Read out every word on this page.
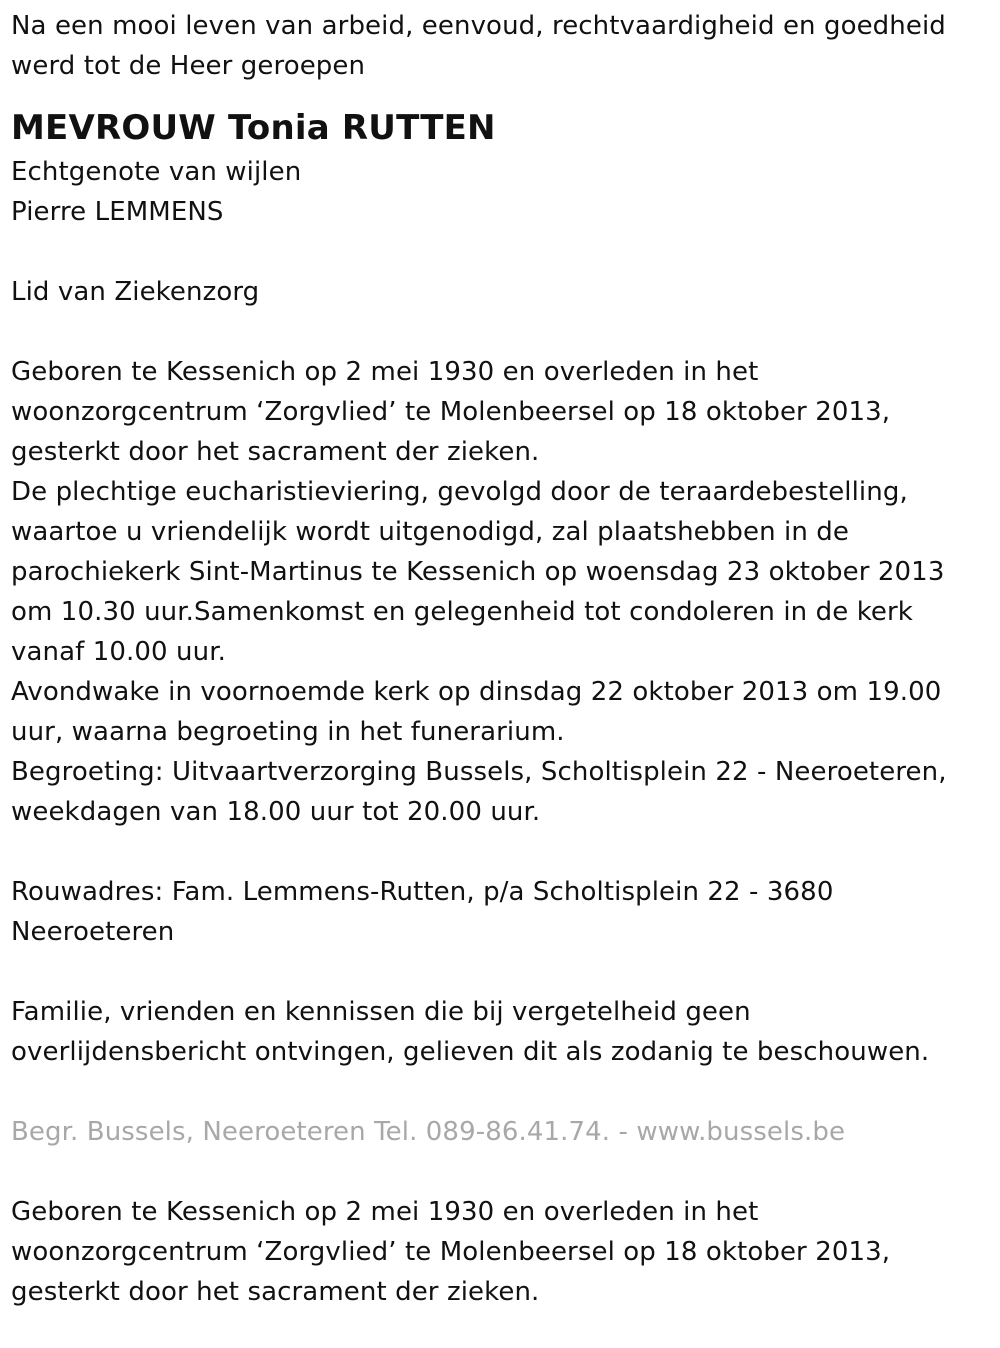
Na een mooi leven van arbeid, eenvoud, rechtvaardigheid en goedheid
werd tot de Heer geroepen
MEVROUW Tonia RUTTEN
Echtgenote van wijlen
Pierre LEMMENS
Lid van Ziekenzorg
Geboren te Kessenich op 2 mei 1930 en overleden in het
woonzorgcentrum ‘Zorgvlied’ te Molenbeersel op 18 oktober 2013,
gesterkt door het sacrament der zieken.
De plechtige eucharistieviering, gevolgd door de teraardebestelling,
waartoe u vriendelijk wordt uitgenodigd, zal plaatshebben in de
parochiekerk Sint-Martinus te Kessenich op woensdag 23 oktober 2013
om 10.30 uur.Samenkomst en gelegenheid tot condoleren in de kerk
vanaf 10.00 uur.
Avondwake in voornoemde kerk op dinsdag 22 oktober 2013 om 19.00
uur, waarna begroeting in het funerarium.
Begroeting: Uitvaartverzorging Bussels, Scholtisplein 22 - Neeroeteren,
weekdagen van 18.00 uur tot 20.00 uur.
Rouwadres: Fam. Lemmens-Rutten, p/a Scholtisplein 22 - 3680
Neeroeteren
Familie, vrienden en kennissen die bij vergetelheid geen
overlijdensbericht ontvingen, gelieven dit als zodanig te beschouwen.
Begr. Bussels, Neeroeteren Tel. 089-86.41.74. - www.bussels.be
Geboren te Kessenich op 2 mei 1930 en overleden in het
woonzorgcentrum ‘Zorgvlied’ te Molenbeersel op 18 oktober 2013,
gesterkt door het sacrament der zieken.
